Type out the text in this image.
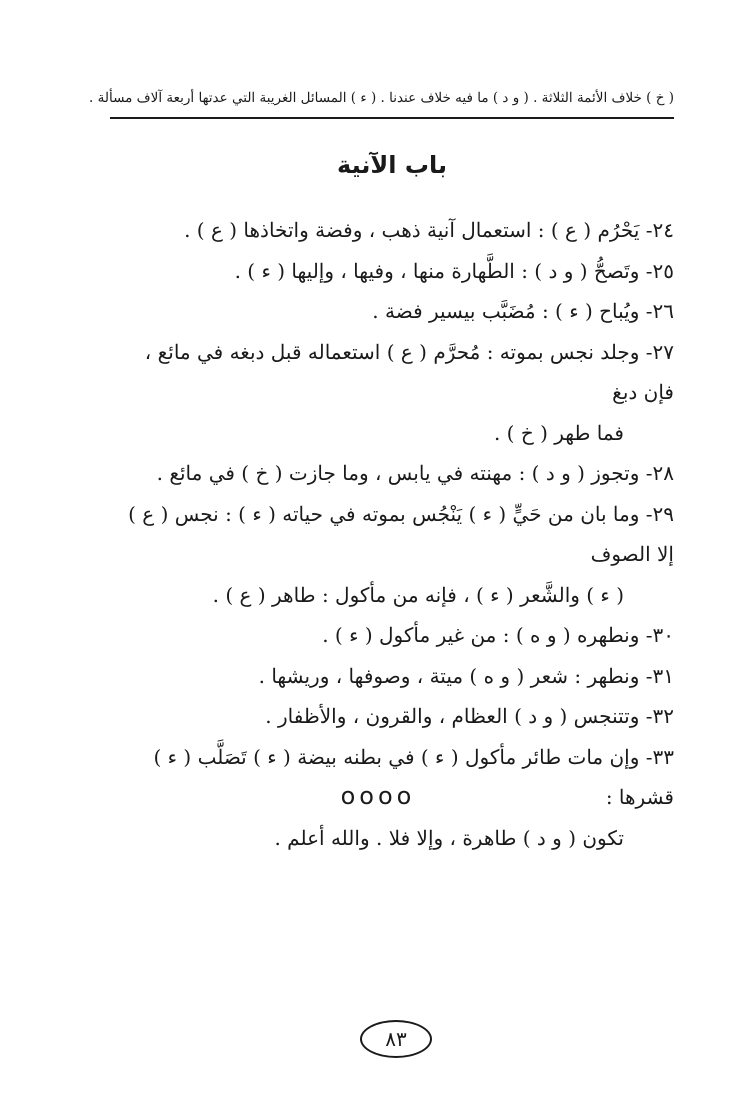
( خ ) خلاف الأئمة الثلاثة . ( و د ) ما فيه خلاف عندنا . ( ء ) المسائل الغريبة التي عدتها أربعة آلاف مسألة .
باب الآنية
٢٤- يَحْرُم ( ع ) : استعمال آنية ذهب ، وفضة واتخاذها ( ع ) .
٢٥- وتَصحُّ ( و د ) : الطَّهارة منها ، وفيها ، وإليها ( ء ) .
٢٦- ويُباح ( ء ) : مُضَبَّب بيسير فضة .
٢٧- وجلد نجس بموته : مُحرَّم ( ع ) استعماله قبل دبغه في مائع ، فإن دبغ
فما طهر ( خ ) .
٢٨- وتجوز ( و د ) : مهنته في يابس ، وما جازت ( خ ) في مائع .
٢٩- وما بان من حَيٍّ ( ء ) يَنْجُس بموته في حياته ( ء ) : نجس ( ع ) إلا الصوف
( ء ) والشَّعر ( ء ) ، فإنه من مأكول : طاهر ( ع ) .
٣٠- ونطهره ( و ه ) : من غير مأكول ( ء ) .
٣١- ونطهر : شعر ( و ه ) ميتة ، وصوفها ، وريشها .
٣٢- وتتنجس ( و د ) العظام ، والقرون ، والأظفار .
٣٣- وإن مات طائر مأكول ( ء ) في بطنه بيضة ( ء ) تَصَلَّب ( ء ) قشرها :
تكون ( و د ) طاهرة ، وإلا فلا . والله أعلم .
oooo
٨٣
